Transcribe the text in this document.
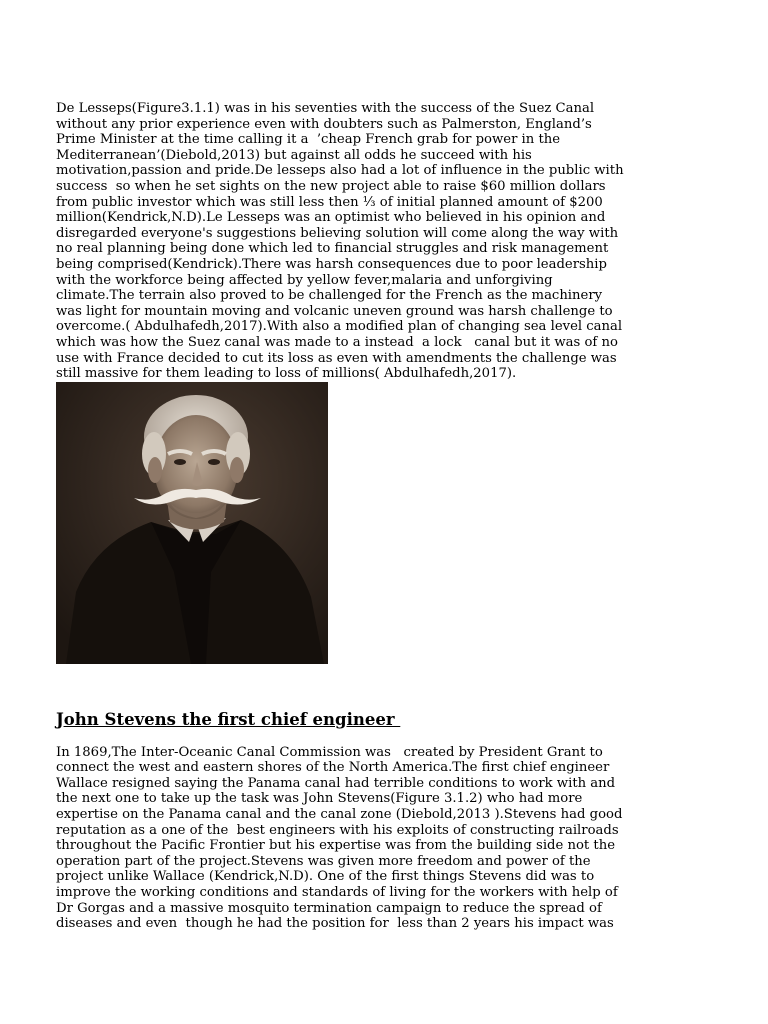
De Lesseps(Figure3.1.1) was in his seventies with the success of the Suez Canal
without any prior experience even with doubters such as Palmerston, England’s
Prime Minister at the time calling it a  ’cheap French grab for power in the
Mediterranean’(Diebold,2013) but against all odds he succeed with his
motivation,passion and pride.De lesseps also had a lot of influence in the public with
success  so when he set sights on the new project able to raise $60 million dollars
from public investor which was still less then ⅓ of initial planned amount of $200
million(Kendrick,N.D).Le Lesseps was an optimist who believed in his opinion and
disregarded everyone's suggestions believing solution will come along the way with
no real planning being done which led to financial struggles and risk management
being comprised(Kendrick).There was harsh consequences due to poor leadership
with the workforce being affected by yellow fever,malaria and unforgiving
climate.The terrain also proved to be challenged for the French as the machinery
was light for mountain moving and volcanic uneven ground was harsh challenge to
overcome.( Abdulhafedh,2017).With also a modified plan of changing sea level canal
which was how the Suez canal was made to a instead  a lock   canal but it was of no
use with France decided to cut its loss as even with amendments the challenge was
still massive for them leading to loss of millions( Abdulhafedh,2017).

John Stevens the first chief engineer

In 1869,The Inter-Oceanic Canal Commission was   created by President Grant to
connect the west and eastern shores of the North America.The first chief engineer
Wallace resigned saying the Panama canal had terrible conditions to work with and
the next one to take up the task was John Stevens(Figure 3.1.2) who had more
expertise on the Panama canal and the canal zone (Diebold,2013 ).Stevens had good
reputation as a one of the  best engineers with his exploits of constructing railroads
throughout the Pacific Frontier but his expertise was from the building side not the
operation part of the project.Stevens was given more freedom and power of the
project unlike Wallace (Kendrick,N.D). One of the first things Stevens did was to
improve the working conditions and standards of living for the workers with help of
Dr Gorgas and a massive mosquito termination campaign to reduce the spread of
diseases and even  though he had the position for  less than 2 years his impact was
